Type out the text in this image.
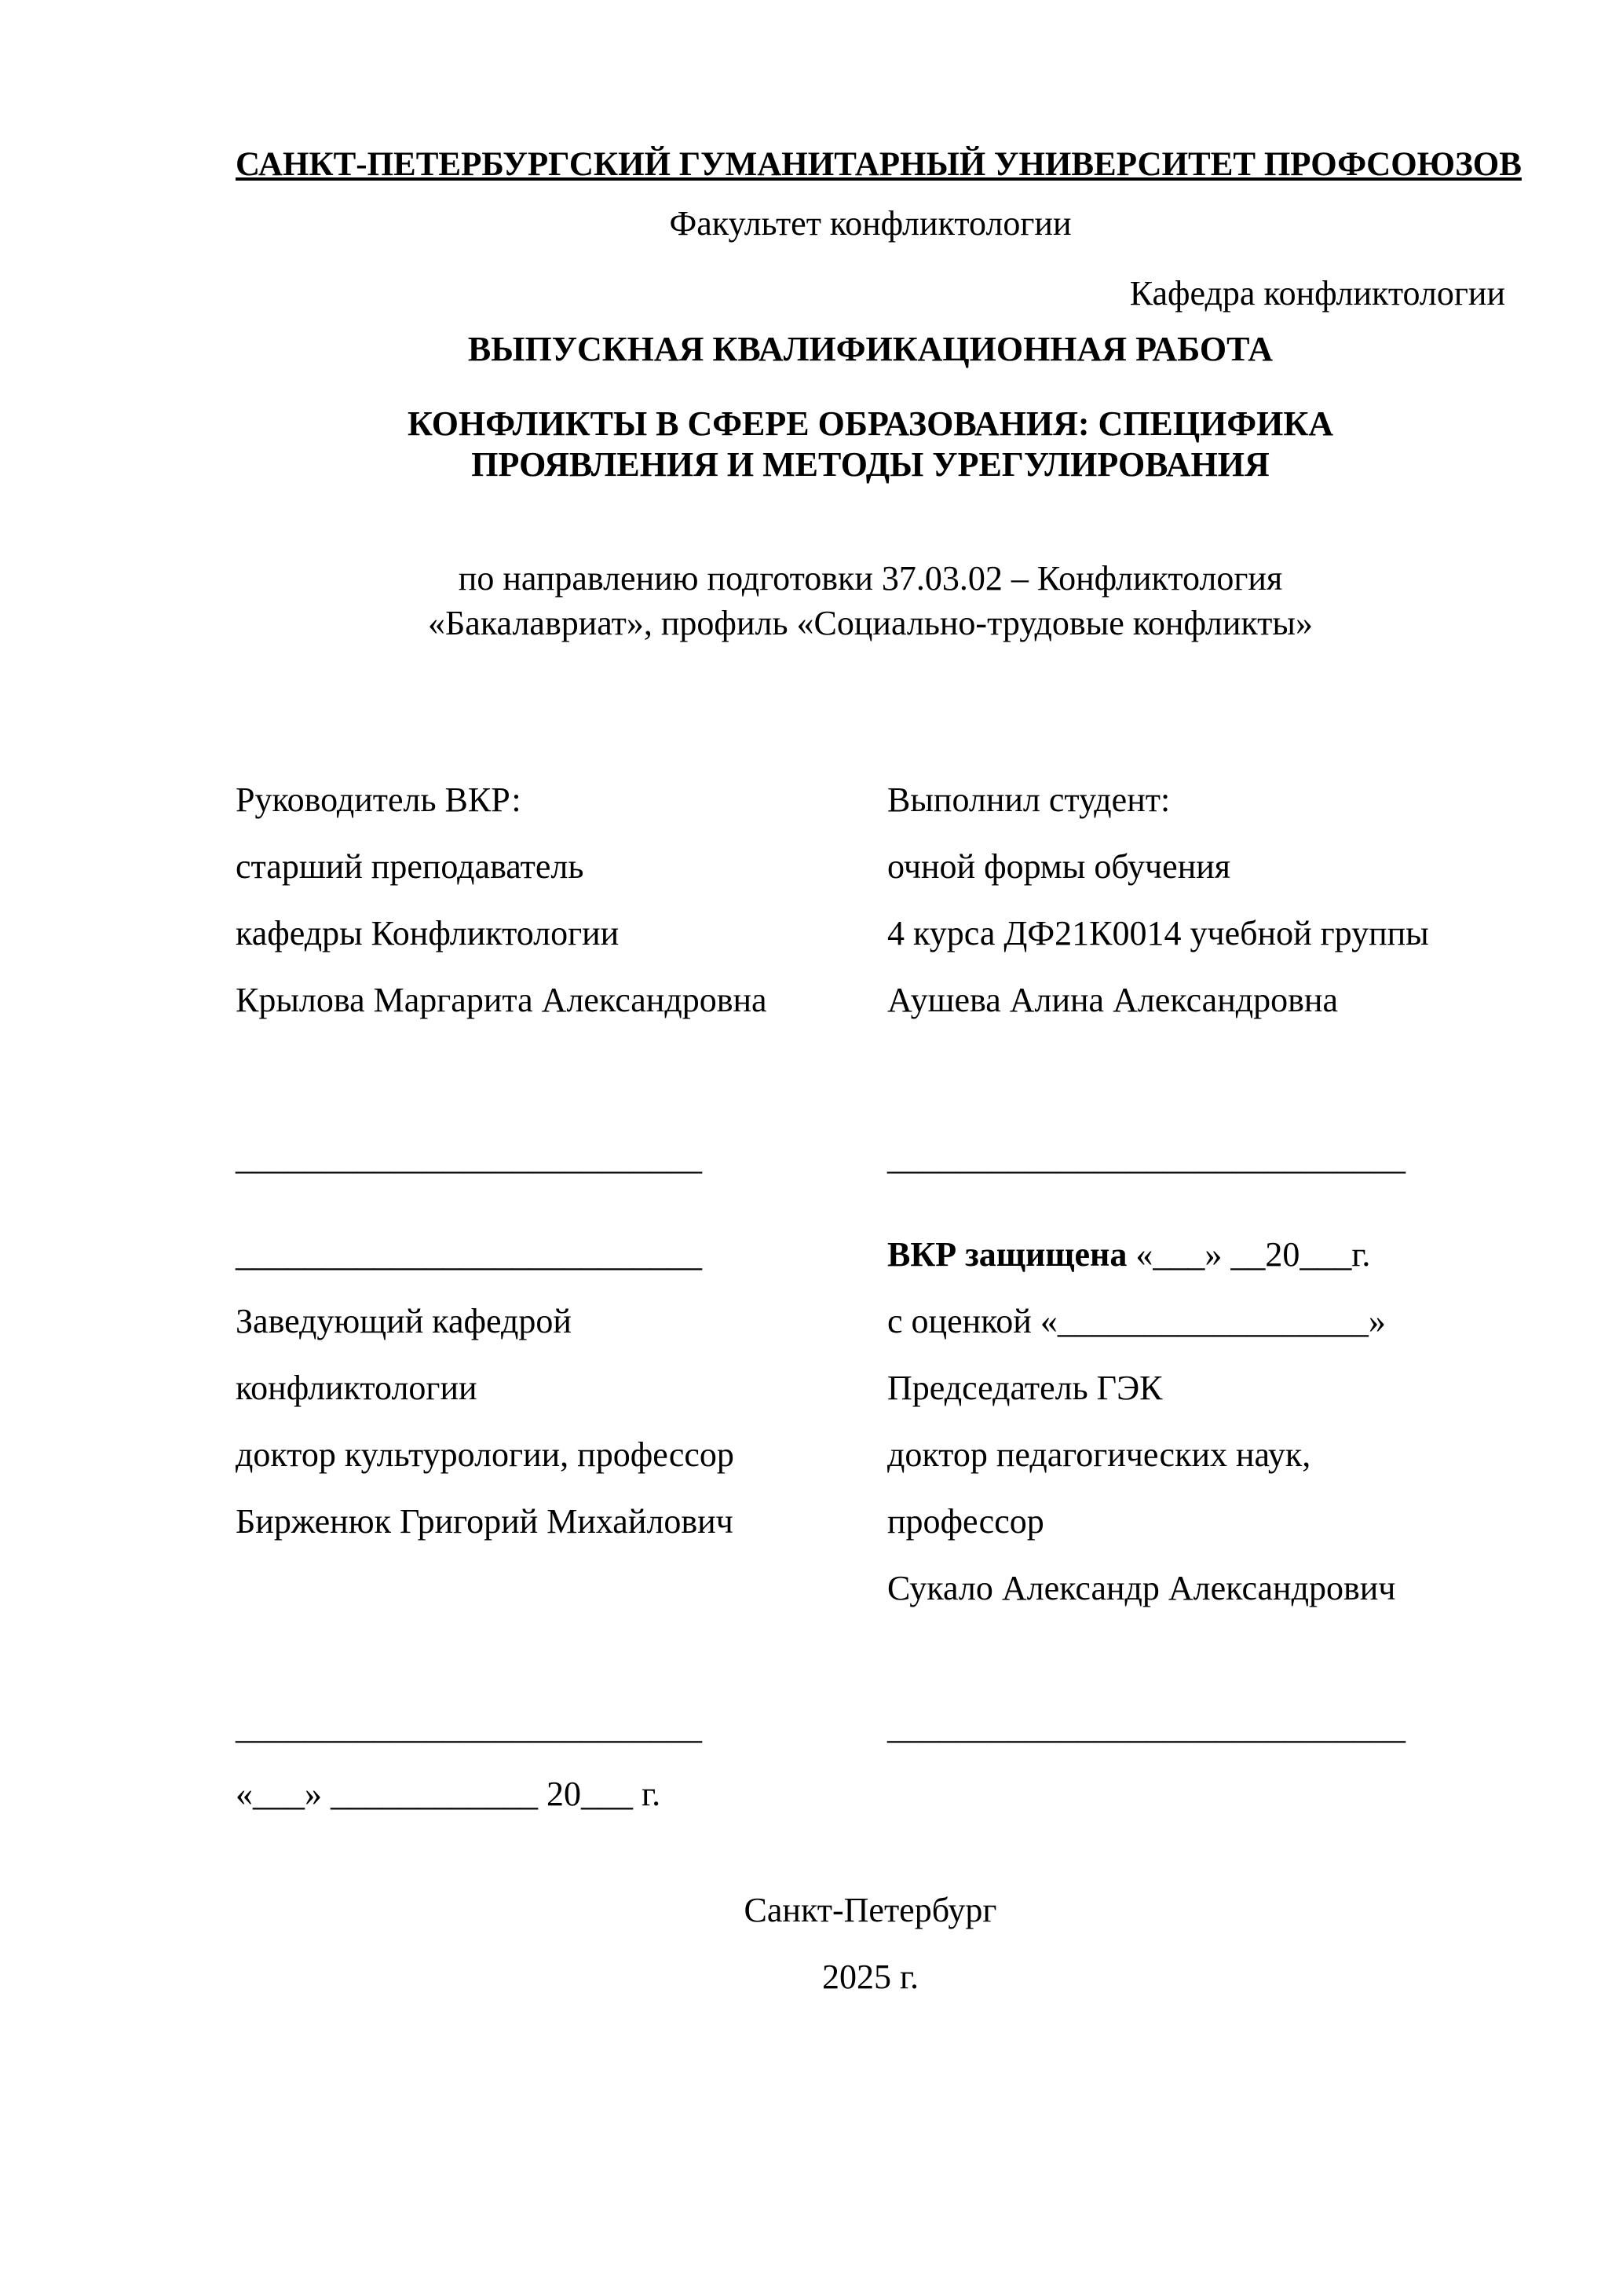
САНКТ-ПЕТЕРБУРГСКИЙ ГУМАНИТАРНЫЙ УНИВЕРСИТЕТ ПРОФСОЮЗОВ
Факультет конфликтологии
Кафедра конфликтологии
ВЫПУСКНАЯ КВАЛИФИКАЦИОННАЯ РАБОТА
КОНФЛИКТЫ В СФЕРЕ ОБРАЗОВАНИЯ: СПЕЦИФИКА
ПРОЯВЛЕНИЯ И МЕТОДЫ УРЕГУЛИРОВАНИЯ
по направлению подготовки 37.03.02 – Конфликтология
«Бакалавриат», профиль «Социально-трудовые конфликты»
Руководитель ВКР:	Выполнил студент:
старший преподаватель	очной формы обучения
кафедры Конфликтологии	4 курса ДФ21К0014 учебной группы
Крылова Маргарита Александровна	Аушева Алина Александровна
___________________________	______________________________
___________________________	ВКР защищена «___» __20___г.
Заведующий кафедрой	с оценкой «__________________»
конфликтологии	Председатель ГЭК
доктор культурологии, профессор	доктор педагогических наук,
Бирженюк Григорий Михайлович	профессор
Сукало Александр Александрович
___________________________	______________________________
«___» ____________ 20___ г.
Санкт-Петербург
2025 г.
